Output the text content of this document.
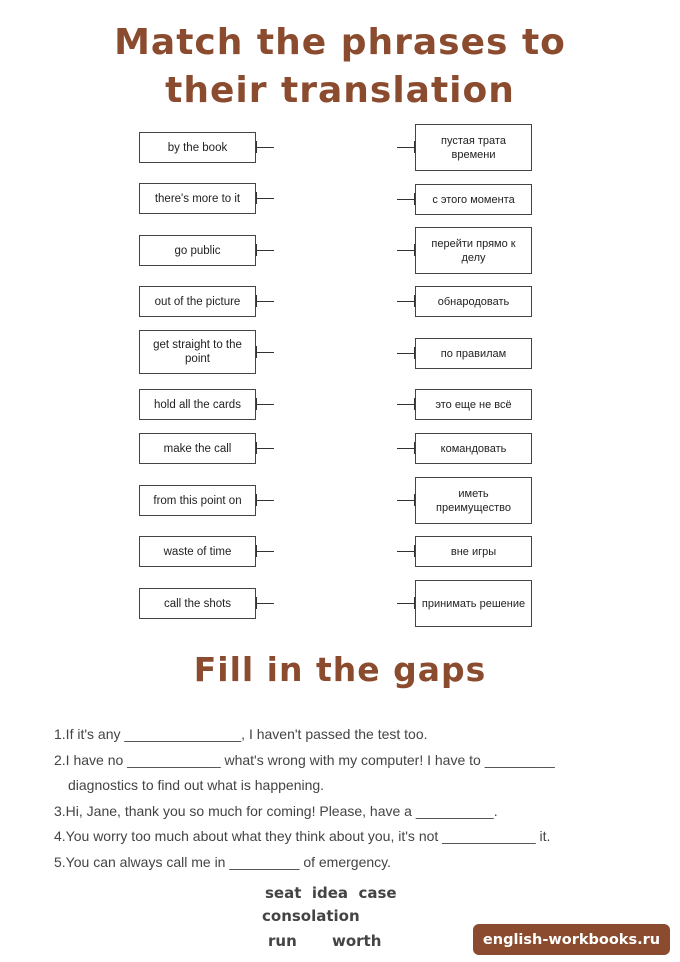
Match the phrases to
their translation
by the book
there's more to it
go public
out of the picture
get straight to the point
hold all the cards
make the call
from this point on
waste of time
call the shots
пустая трата времени
с этого момента
перейти прямо к делу
обнародовать
по правилам
это еще не всё
командовать
иметь преимущество
вне игры
принимать решение
Fill in the gaps
1.If it's any _______________, I haven't passed the test too.
2.I have no ____________ what's wrong with my computer! I have to _________
diagnostics to find out what is happening.
3.Hi, Jane, thank you so much for coming! Please, have a __________.
4.You worry too much about what they think about you, it's not ____________ it.
5.You can always call me in _________ of emergency.
seat  idea  case
consolation
run worth	english-workbooks.ru
